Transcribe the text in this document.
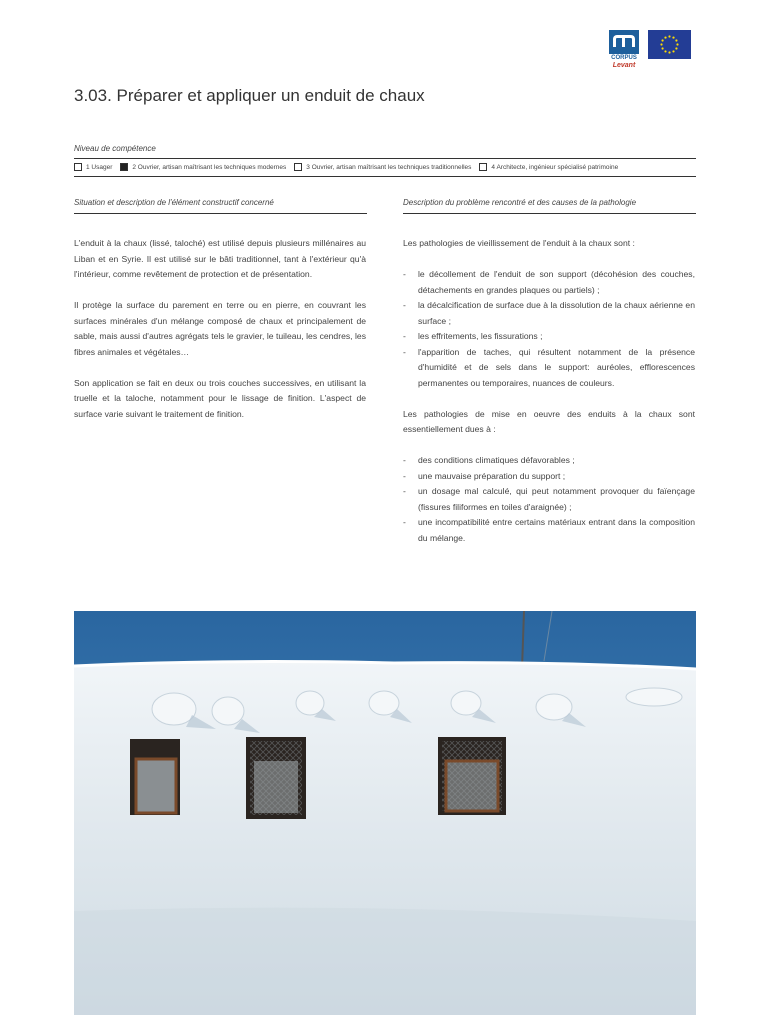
CORPUS
Levant
3.03. Préparer et appliquer un enduit de chaux
Niveau de compétence
1 Usager	2 Ouvrier, artisan maîtrisant les techniques modernes	3 Ouvrier, artisan maîtrisant les techniques traditionnelles	4 Architecte, ingénieur spécialisé patrimoine
Situation et description de l'élément constructif concerné	Description du problème rencontré et des causes de la pathologie

L'enduit à la chaux (lissé, taloché) est utilisé depuis plusieurs millénaires au Liban et en Syrie. Il est utilisé sur le bâti traditionnel, tant à l'extérieur qu'à l'intérieur, comme revêtement de protection et de présentation.

Il protège la surface du parement en terre ou en pierre, en couvrant les surfaces minérales d'un mélange composé de chaux et principalement de sable, mais aussi d'autres agrégats tels le gravier, le tuileau, les cendres, les fibres animales et végétales…

Son application se fait en deux ou trois couches successives, en utilisant la truelle et la taloche, notamment pour le lissage de finition. L'aspect de surface varie suivant le traitement de finition.

Les pathologies de vieillissement de l'enduit à la chaux sont :

- le décollement de l'enduit de son support (décohésion des couches, détachements en grandes plaques ou partiels) ;
- la décalcification de surface due à la dissolution de la chaux aérienne en surface ;
- les effritements, les fissurations ;
- l'apparition de taches, qui résultent notamment de la présence d'humidité et de sels dans le support: auréoles, efflorescences permanentes ou temporaires, nuances de couleurs.

Les pathologies de mise en oeuvre des enduits à la chaux sont essentiellement dues à :

- des conditions climatiques défavorables ;
- une mauvaise préparation du support ;
- un dosage mal calculé, qui peut notamment provoquer du faïençage (fissures filiformes en toiles d'araignée) ;
- une incompatibilité entre certains matériaux entrant dans la composition du mélange.
